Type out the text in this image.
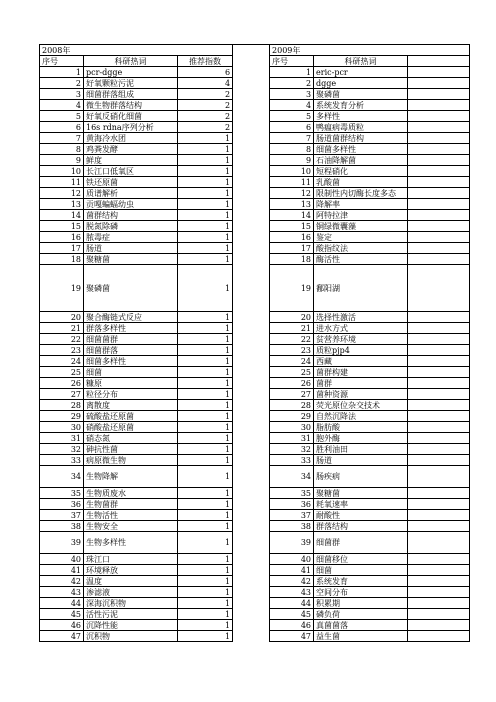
2008年				2009年		
序号	科研热词	推荐指数		序号	科研热词	
1	pcr-dgge	6		1	eric-pcr	
2	好氧颗粒污泥	4		2	dgge	
3	细菌群落组成	2		3	聚磷菌	
4	微生物群落结构	2		4	系统发育分析	
5	好氧反硝化细菌	2		5	多样性	
6	16s rdna序列分析	2		6	鸭瘟病毒质粒	
7	黄海冷水团	1		7	肠道菌群结构	
8	鸡粪发酵	1		8	细菌多样性	
9	鲜度	1		9	石油降解菌	
10	长江口低氧区	1		10	短程硝化	
11	铁还原菌	1		11	乳酸菌	
12	质谱解析	1		12	限制性内切酶长度多态	
13	贡嘎蝙蝠幼虫	1		13	降解率	
14	菌群结构	1		14	阿特拉津	
15	脱氮除磷	1		15	铜绿微囊藻	
16	脓毒症	1		16	鉴定	
17	肠道	1		17	酸指纹法	
18	聚糖菌	1		18	酶活性	
19	聚磷菌	1		19	鄱阳湖	
20	聚合酶链式反应	1		20	选择性激活	
21	群落多样性	1		21	进水方式	
22	细菌菌群	1		22	贫营养环境	
23	细菌群落	1		23	质粒pjp4	
24	细菌多样性	1		24	西藏	
25	细菌	1		25	菌群构建	
26	糠原	1		26	菌群	
27	粒径分布	1		27	菌种资源	
28	离散度	1		28	荧光原位杂交技术	
29	硫酸盐还原菌	1		29	自然沉降法	
30	硝酸盐还原菌	1		30	脂肪酸	
31	硝态氮	1		31	胞外酶	
32	砷抗性菌	1		32	胜利油田	
33	病原微生物	1		33	肠道	
34	生物降解	1		34	肠疾病	
35	生物质废水	1		35	聚糖菌	
36	生物菌群	1		36	耗氧速率	
37	生物活性	1		37	耐酸性	
38	生物安全	1		38	群落结构	
39	生物多样性	1		39	细菌群	
40	珠江口	1		40	细菌移位	
41	环境释放	1		41	细菌	
42	温度	1		42	系统发育	
43	渗滤液	1		43	空间分布	
44	深海沉积物	1		44	积累期	
45	活性污泥	1		45	磷负荷	
46	沉降性能	1		46	真菌菌落	
47	沉积物	1		47	益生菌	
